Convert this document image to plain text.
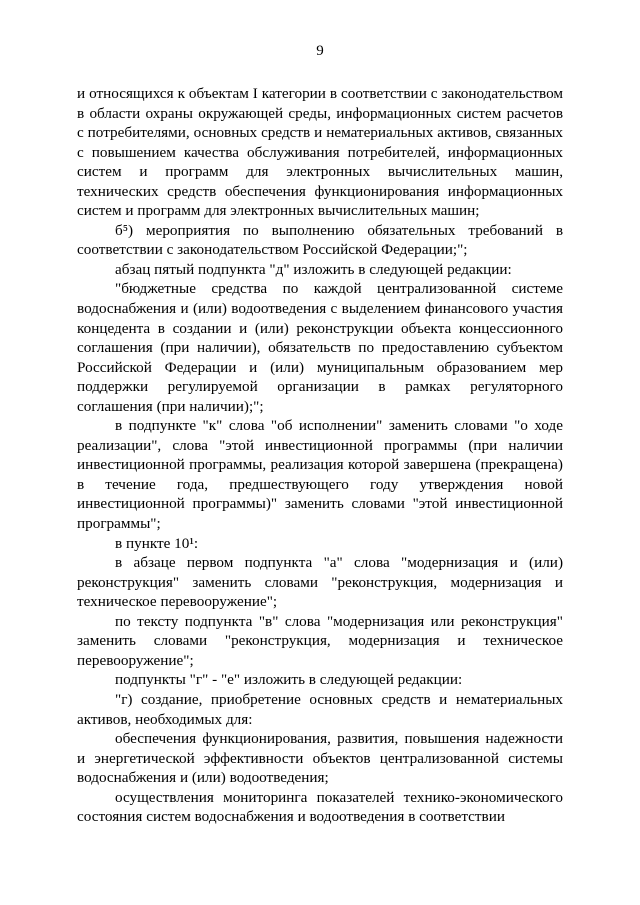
9

и относящихся к объектам I категории в соответствии с законодательством в области охраны окружающей среды, информационных систем расчетов с потребителями, основных средств и нематериальных активов, связанных с повышением качества обслуживания потребителей, информационных систем и программ для электронных вычислительных машин, технических средств обеспечения функционирования информационных систем и программ для электронных вычислительных машин;

б⁵) мероприятия по выполнению обязательных требований в соответствии с законодательством Российской Федерации;";

абзац пятый подпункта "д" изложить в следующей редакции:

"бюджетные средства по каждой централизованной системе водоснабжения и (или) водоотведения с выделением финансового участия концедента в создании и (или) реконструкции объекта концессионного соглашения (при наличии), обязательств по предоставлению субъектом Российской Федерации и (или) муниципальным образованием мер поддержки регулируемой организации в рамках регуляторного соглашения (при наличии);";

в подпункте "к" слова "об исполнении" заменить словами "о ходе реализации", слова "этой инвестиционной программы (при наличии инвестиционной программы, реализация которой завершена (прекращена) в течение года, предшествующего году утверждения новой инвестиционной программы)" заменить словами "этой инвестиционной программы";

в пункте 10¹:

в абзаце первом подпункта "а" слова "модернизация и (или) реконструкция" заменить словами "реконструкция, модернизация и техническое перевооружение";

по тексту подпункта "в" слова "модернизация или реконструкция" заменить словами "реконструкция, модернизация и техническое перевооружение";

подпункты "г" - "е" изложить в следующей редакции:

"г) создание, приобретение основных средств и нематериальных активов, необходимых для:

обеспечения функционирования, развития, повышения надежности и энергетической эффективности объектов централизованной системы водоснабжения и (или) водоотведения;

осуществления мониторинга показателей технико-экономического состояния систем водоснабжения и водоотведения в соответствии
